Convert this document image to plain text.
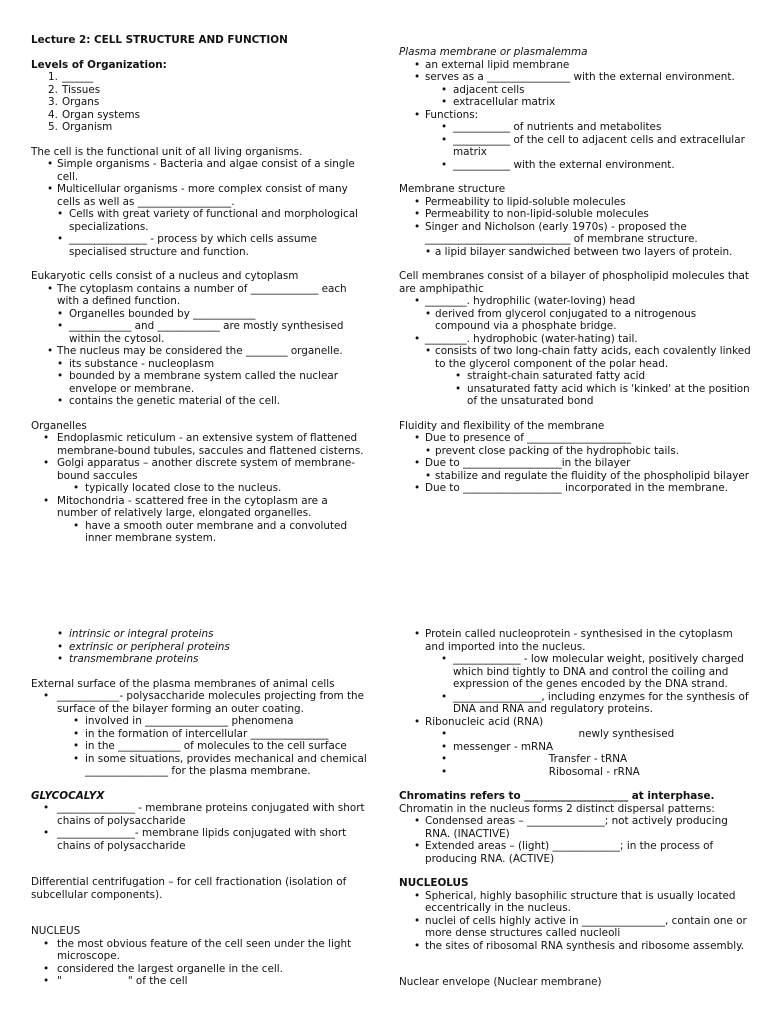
Lecture 2: CELL STRUCTURE AND FUNCTION

Levels of Organization:

1. ______
2. Tissues
3. Organs
4. Organ systems
5. Organism

The cell is the functional unit of all living organisms.

• Simple organisms - Bacteria and algae consist of a single cell.
• Multicellular organisms - more complex consist of many cells as well as __________________.
• Cells with great variety of functional and morphological specializations.
• _______________ - process by which cells assume specialised structure and function.

Eukaryotic cells consist of a nucleus and cytoplasm

• The cytoplasm contains a number of _____________ each with a defined function.
• Organelles bounded by ____________
• ____________ and ____________ are mostly synthesised within the cytosol.
• The nucleus may be considered the ________ organelle.
• its substance - nucleoplasm
• bounded by a membrane system called the nuclear envelope or membrane.
• contains the genetic material of the cell.

Organelles

• Endoplasmic reticulum - an extensive system of flattened membrane-bound tubules, saccules and flattened cisterns.
• Golgi apparatus – another discrete system of membrane-bound saccules
• typically located close to the nucleus.
• Mitochondria - scattered free in the cytoplasm are a number of relatively large, elongated organelles.
• have a smooth outer membrane and a convoluted inner membrane system.

Plasma membrane or plasmalemma

• an external lipid membrane
• serves as a ________________ with the external environment.
• adjacent cells
• extracellular matrix
• Functions:
• ___________ of nutrients and metabolites
• ___________ of the cell to adjacent cells and extracellular matrix
• ___________ with the external environment.

Membrane structure

• Permeability to lipid-soluble molecules
• Permeability to non-lipid-soluble molecules
• Singer and Nicholson (early 1970s) - proposed the ____________________________ of membrane structure.
• a lipid bilayer sandwiched between two layers of protein.

Cell membranes consist of a bilayer of phospholipid molecules that are amphipathic

• ________. hydrophilic (water-loving) head
• derived from glycerol conjugated to a nitrogenous compound via a phosphate bridge.
• ________. hydrophobic (water-hating) tail.
• consists of two long-chain fatty acids, each covalently linked to the glycerol component of the polar head.
• straight-chain saturated fatty acid
• unsaturated fatty acid which is 'kinked' at the position of the unsaturated bond

Fluidity and flexibility of the membrane

• Due to presence of ____________________
• prevent close packing of the hydrophobic tails.
• Due to ___________________in the bilayer
• stabilize and regulate the fluidity of the phospholipid bilayer
• Due to ___________________ incorporated in the membrane.
• intrinsic or integral proteins
• extrinsic or peripheral proteins
• transmembrane proteins

External surface of the plasma membranes of animal cells

• ____________- polysaccharide molecules projecting from the surface of the bilayer forming an outer coating.
• involved in ________________ phenomena
• in the formation of intercellular _______________
• in the ____________ of molecules to the cell surface
• in some situations, provides mechanical and chemical ________________ for the plasma membrane.

GLYCOCALYX

• _______________ - membrane proteins conjugated with short chains of polysaccharide
• _______________- membrane lipids conjugated with short chains of polysaccharide

Differential centrifugation – for cell fractionation (isolation of subcellular components).

NUCLEUS

• the most obvious feature of the cell seen under the light microscope.
• considered the largest organelle in the cell.
• "                    " of the cell
• Protein called nucleoprotein - synthesised in the cytoplasm and imported into the nucleus.
• _____________ - low molecular weight, positively charged which bind tightly to DNA and control the coiling and expression of the genes encoded by the DNA strand.
• _________________, including enzymes for the synthesis of DNA and RNA and regulatory proteins.
• Ribonucleic acid (RNA)
•                                       newly synthesised
• messenger - mRNA
•                              Transfer - tRNA
•                              Ribosomal - rRNA

Chromatins refers to ____________________ at interphase.

Chromatin in the nucleus forms 2 distinct dispersal patterns:

• Condensed areas – _______________; not actively producing RNA. (INACTIVE)
• Extended areas – (light) _____________; in the process of producing RNA. (ACTIVE)

NUCLEOLUS

• Spherical, highly basophilic structure that is usually located eccentrically in the nucleus.
• nuclei of cells highly active in ________________, contain one or more dense structures called nucleoli
• the sites of ribosomal RNA synthesis and ribosome assembly.

Nuclear envelope (Nuclear membrane)
